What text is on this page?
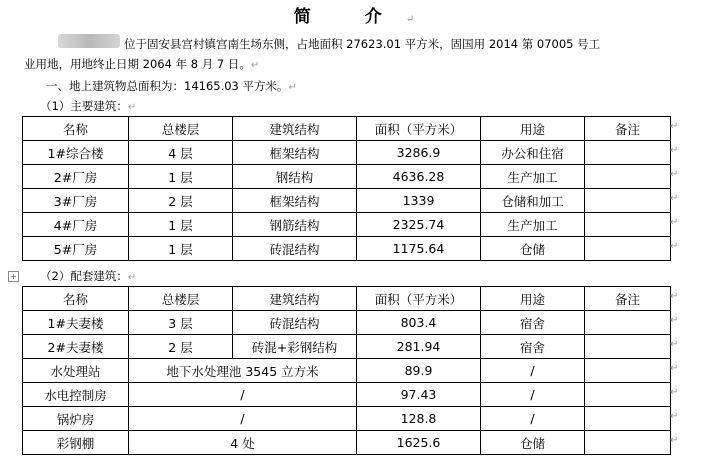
简 介↵
位于固安县宫村镇宫南生场东侧，占地面积 27623.01 平方米，固国用 2014 第 07005 号工
业用地，用地终止日期 2064 年 8 月 7 日。↵
一、地上建筑物总面积为：14165.03 平方米。↵
（1）主要建筑：↵
名称	总楼层	建筑结构	面积（平方米）	用途	备注
1#综合楼	4 层	框架结构	3286.9	办公和住宿	
2#厂房	1 层	钢结构	4636.28	生产加工	
3#厂房	2 层	框架结构	1339	仓储和加工	
4#厂房	1 层	钢筋结构	2325.74	生产加工	
5#厂房	1 层	砖混结构	1175.64	仓储	
+ （2）配套建筑：↵
名称	总楼层	建筑结构	面积（平方米）	用途	备注
1#夫妻楼	3 层	砖混结构	803.4	宿舍	
2#夫妻楼	2 层	砖混+彩钢结构	281.94	宿舍	
水处理站	地下水处理池 3545 立方米		89.9	/	
水电控制房	/		97.43	/	
锅炉房	/		128.8	/	
彩钢棚	4 处		1625.6	仓储	
↵
↵
↵
↵
↵
↵
↵
↵
↵
↵
↵
↵
↵
